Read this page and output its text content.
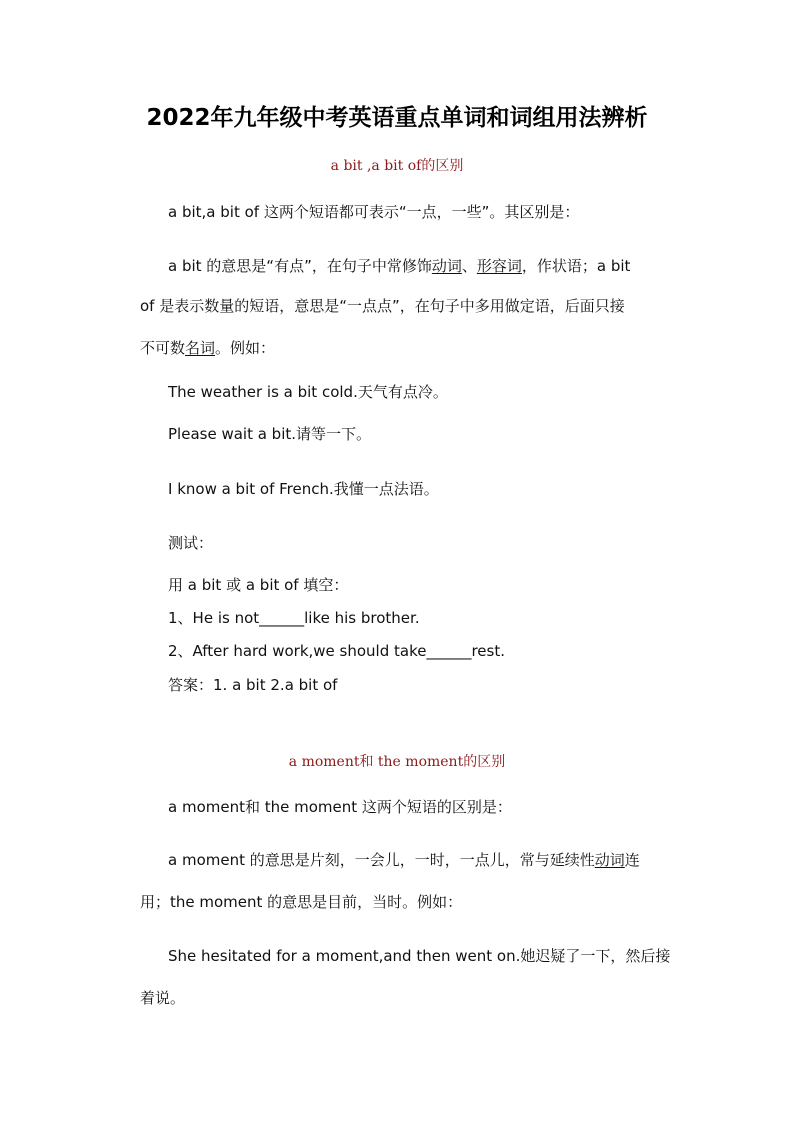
2022年九年级中考英语重点单词和词组用法辨析
a bit ,a bit of的区别
a bit,a bit of 这两个短语都可表示“一点，一些”。其区别是：
a bit 的意思是“有点”，在句子中常修饰动词、形容词，作状语；a bit
of 是表示数量的短语，意思是“一点点”，在句子中多用做定语，后面只接
不可数名词。例如：
The weather is a bit cold.天气有点冷。
Please wait a bit.请等一下。
I know a bit of French.我懂一点法语。
测试：
用 a bit 或 a bit of 填空：
1、He is not______like his brother.
2、After hard work,we should take______rest.
答案：1. a bit 2.a bit of
a moment和 the moment的区别
a moment和 the moment 这两个短语的区别是：
a moment 的意思是片刻，一会儿，一时，一点儿，常与延续性动词连
用；the moment 的意思是目前，当时。例如：
She hesitated for a moment,and then went on.她迟疑了一下，然后接
着说。
